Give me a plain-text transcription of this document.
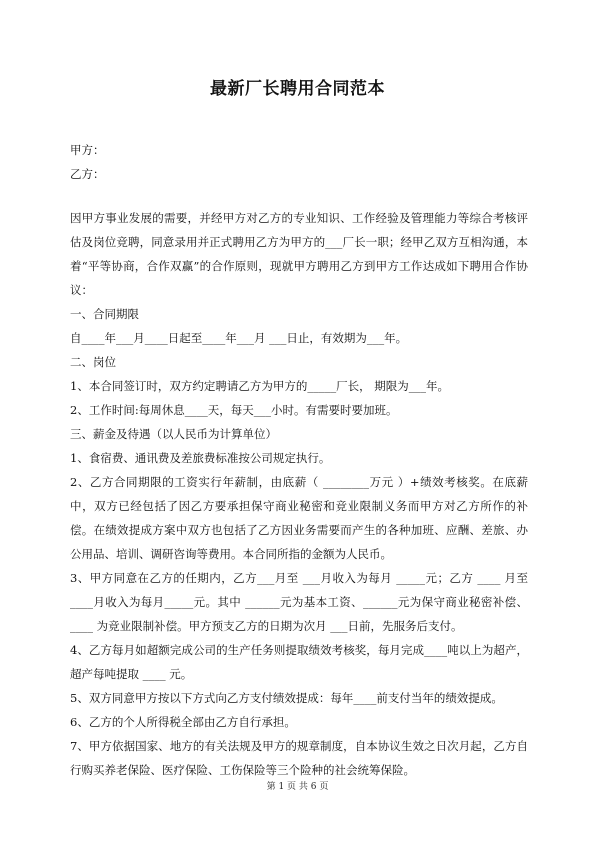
最新厂长聘用合同范本
甲方：
乙方：

因甲方事业发展的需要，并经甲方对乙方的专业知识、工作经验及管理能力等综合考核评估及岗位竞聘，同意录用并正式聘用乙方为甲方的___厂长一职；经甲乙双方互相沟通，本着“平等协商，合作双赢”的合作原则，现就甲方聘用乙方到甲方工作达成如下聘用合作协议：

一、合同期限

自____年___月____日起至____年___月 ___日止，有效期为___年。

二、岗位

1、本合同签订时，双方约定聘请乙方为甲方的_____厂长， 期限为___年。

2、工作时间:每周休息____天，每天___小时。有需要时要加班。

三、薪金及待遇（以人民币为计算单位）

1、食宿费、通讯费及差旅费标准按公司规定执行。

2、乙方合同期限的工资实行年薪制，由底薪（ ________万元 ）+绩效考核奖。在底薪中，双方已经包括了因乙方要承担保守商业秘密和竞业限制义务而甲方对乙方所作的补偿。在绩效提成方案中双方也包括了乙方因业务需要而产生的各种加班、应酬、差旅、办公用品、培训、调研咨询等费用。本合同所指的金额为人民币。

3、甲方同意在乙方的任期内，乙方___月至 ___月收入为每月 _____元；乙方 ____ 月至 ____月收入为每月_____元。其中 ______元为基本工资、______元为保守商业秘密补偿、____ 为竞业限制补偿。甲方预支乙方的日期为次月 ___日前，先服务后支付。

4、乙方每月如超额完成公司的生产任务则提取绩效考核奖，每月完成____吨以上为超产，超产每吨提取 ____ 元。

5、双方同意甲方按以下方式向乙方支付绩效提成：每年____前支付当年的绩效提成。

6、乙方的个人所得税全部由乙方自行承担。

7、甲方依据国家、地方的有关法规及甲方的规章制度，自本协议生效之日次月起，乙方自行购买养老保险、医疗保险、工伤保险等三个险种的社会统筹保险。

第 1 页 共 6 页
